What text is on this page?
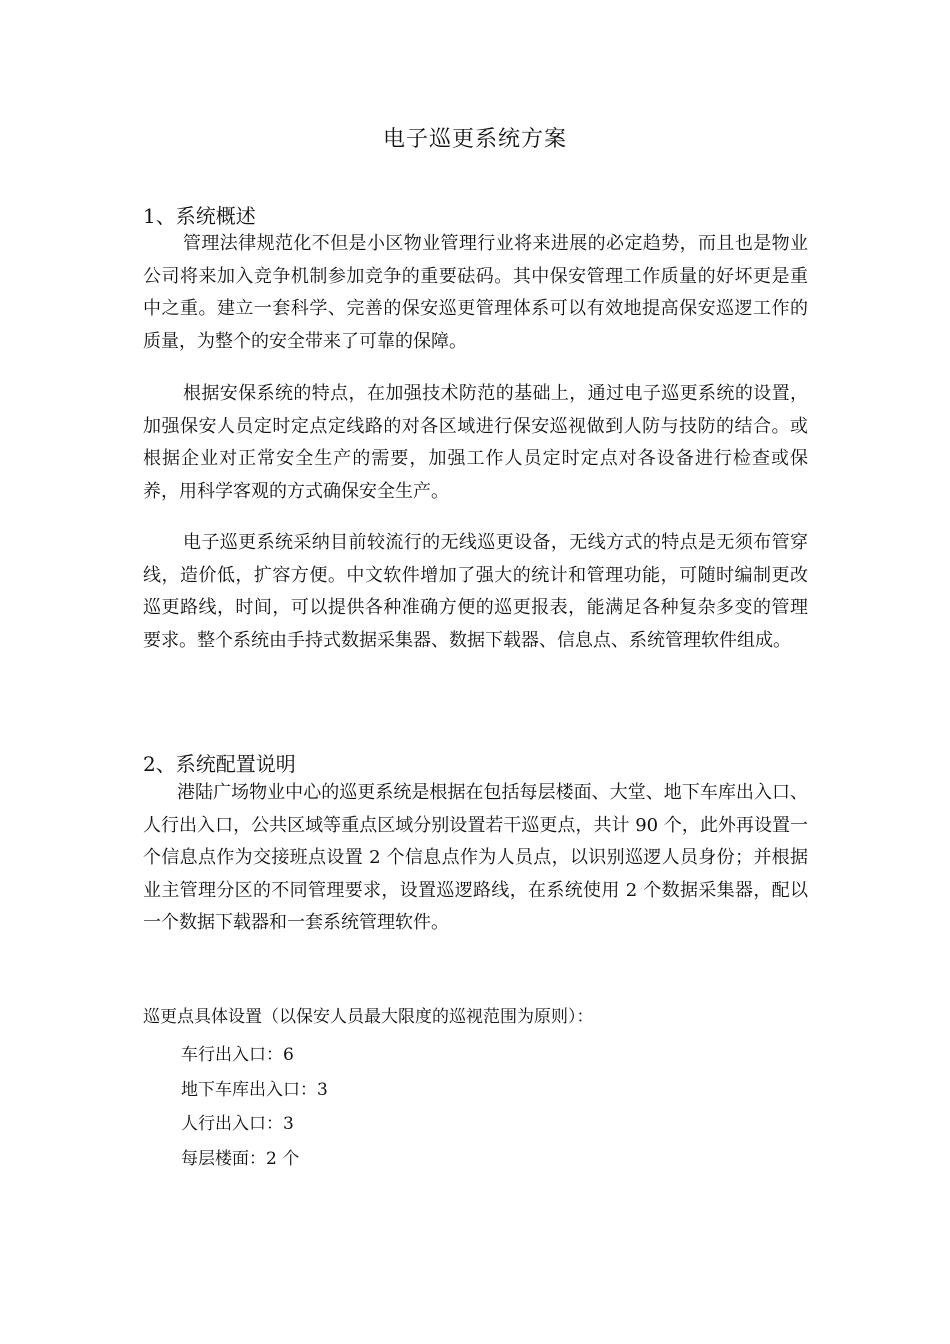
电子巡更系统方案
1、系统概述
管理法律规范化不但是小区物业管理行业将来进展的必定趋势，而且也是物业公司将来加入竞争机制参加竞争的重要砝码。其中保安管理工作质量的好坏更是重中之重。建立一套科学、完善的保安巡更管理体系可以有效地提高保安巡逻工作的质量，为整个的安全带来了可靠的保障。
根据安保系统的特点，在加强技术防范的基础上，通过电子巡更系统的设置，加强保安人员定时定点定线路的对各区域进行保安巡视做到人防与技防的结合。或根据企业对正常安全生产的需要，加强工作人员定时定点对各设备进行检查或保养，用科学客观的方式确保安全生产。
电子巡更系统采纳目前较流行的无线巡更设备，无线方式的特点是无须布管穿线，造价低，扩容方便。中文软件增加了强大的统计和管理功能，可随时编制更改巡更路线，时间，可以提供各种准确方便的巡更报表，能满足各种复杂多变的管理要求。整个系统由手持式数据采集器、数据下载器、信息点、系统管理软件组成。
2、系统配置说明
港陆广场物业中心的巡更系统是根据在包括每层楼面、大堂、地下车库出入口、人行出入口，公共区域等重点区域分别设置若干巡更点，共计 90 个，此外再设置一个信息点作为交接班点设置 2 个信息点作为人员点，以识别巡逻人员身份；并根据业主管理分区的不同管理要求，设置巡逻路线，在系统使用 2 个数据采集器，配以一个数据下载器和一套系统管理软件。
巡更点具体设置（以保安人员最大限度的巡视范围为原则）：
车行出入口：6
地下车库出入口：3
人行出入口：3
每层楼面：2 个
